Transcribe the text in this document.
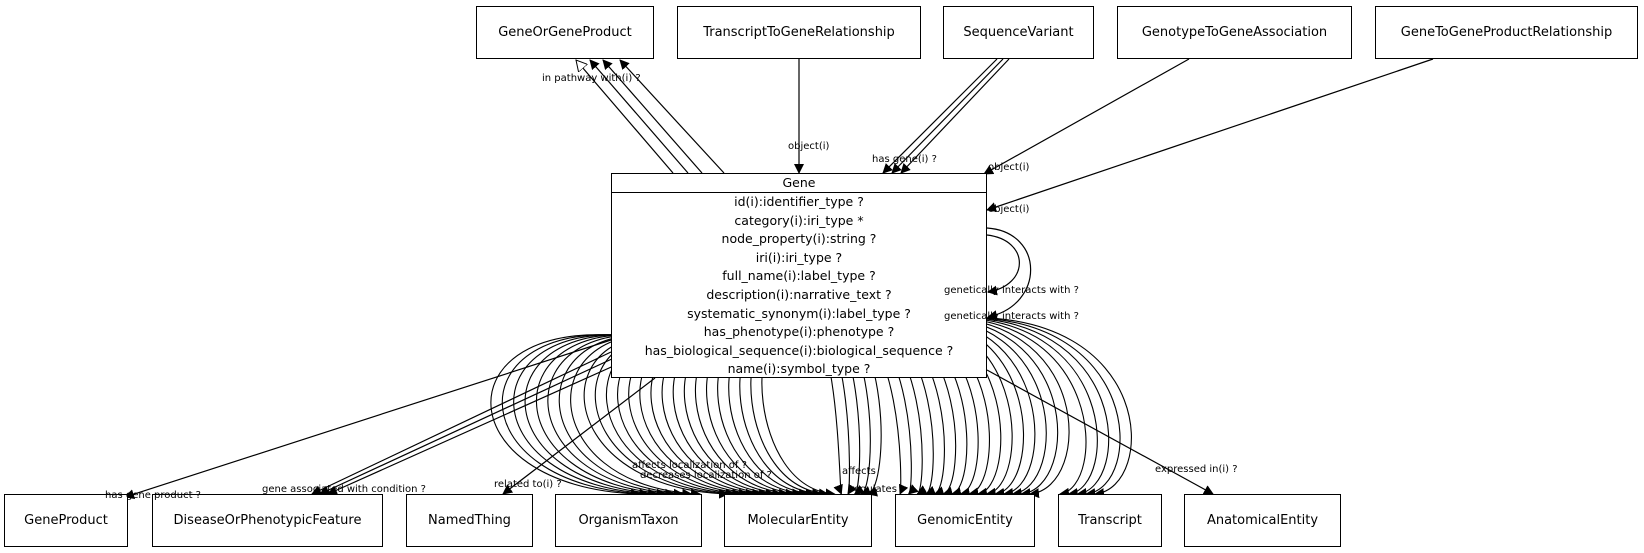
GeneOrGeneProduct	TranscriptToGeneRelationship	SequenceVariant	GenotypeToGeneAssociation	GeneToGeneProductRelationship
Gene
id(i):identifier_type ?
category(i):iri_type *
node_property(i):string ?
iri(i):iri_type ?
full_name(i):label_type ?
description(i):narrative_text ?
systematic_synonym(i):label_type ?
has_phenotype(i):phenotype ?
has_biological_sequence(i):biological_sequence ?
name(i):symbol_type ?
GeneProduct	DiseaseOrPhenotypicFeature	NamedThing	OrganismTaxon	MolecularEntity	GenomicEntity	Transcript	AnatomicalEntity
in pathway with(i) ?
object(i)
has gene(i) ?
object(i)
object(i)
genetically interacts with ?
genetically interacts with ?
has gene product ?
gene associated with condition ?	related to(i) ?
expressed in(i) ?
affects localization of ?
decreases localization of ?	affects
regulates
